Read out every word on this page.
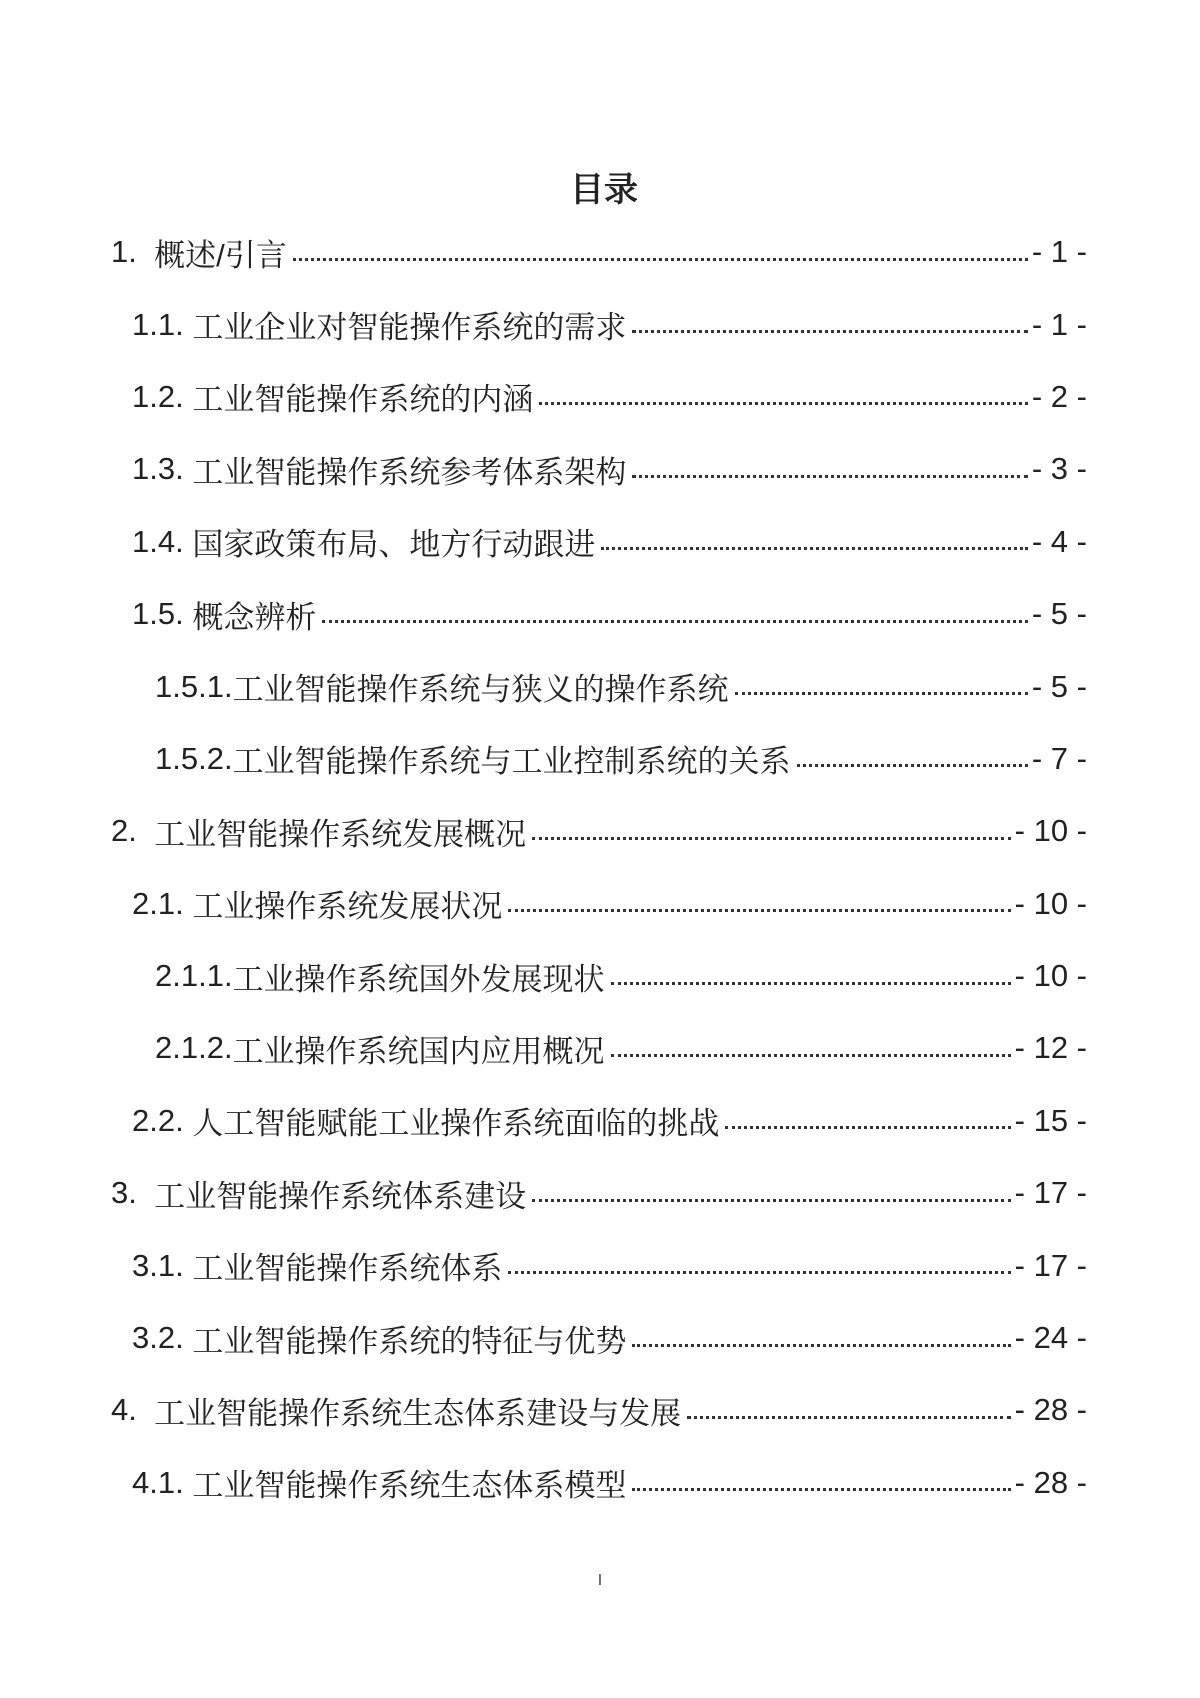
目录
1. 概述/引言	- 1 -
1.1. 工业企业对智能操作系统的需求	- 1 -
1.2. 工业智能操作系统的内涵	- 2 -
1.3. 工业智能操作系统参考体系架构	- 3 -
1.4. 国家政策布局、地方行动跟进	- 4 -
1.5. 概念辨析	- 5 -
1.5.1. 工业智能操作系统与狭义的操作系统	- 5 -
1.5.2. 工业智能操作系统与工业控制系统的关系	- 7 -
2. 工业智能操作系统发展概况	- 10 -
2.1. 工业操作系统发展状况	- 10 -
2.1.1. 工业操作系统国外发展现状	- 10 -
2.1.2. 工业操作系统国内应用概况	- 12 -
2.2. 人工智能赋能工业操作系统面临的挑战	- 15 -
3. 工业智能操作系统体系建设	- 17 -
3.1. 工业智能操作系统体系	- 17 -
3.2. 工业智能操作系统的特征与优势	- 24 -
4. 工业智能操作系统生态体系建设与发展	- 28 -
4.1. 工业智能操作系统生态体系模型	- 28 -
I
